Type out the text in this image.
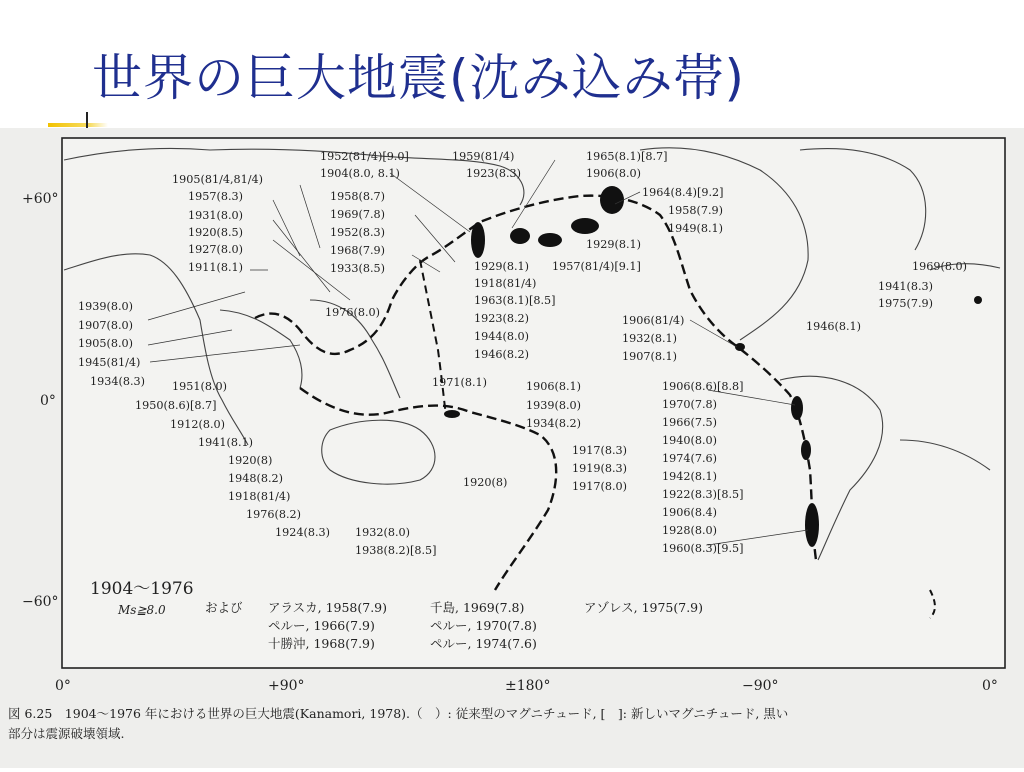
世界の巨大地震(沈み込み帯)
+60°
0°
−60°
0°	+90°	±180°	−90°	0°
1905(81/4,81/4)
1957(8.3)
1931(8.0)
1920(8.5)
1927(8.0)
1911(8.1)
1939(8.0)
1907(8.0)
1905(8.0)
1945(81/4)
1934(8.3) 1951(8.0)
1950(8.6)[8.7]
1912(8.0)
1941(8.1)
1920(8)
1948(8.2)
1918(81/4)
1976(8.2)
1924(8.3) 1932(8.0)
1938(8.2)[8.5]
1952(81/4)[9.0]
1904(8.0, 8.1)
1959(81/4)
1923(8.3)
1958(8.7)
1969(7.8)
1952(8.3)
1968(7.9)
1933(8.5)
1976(8.0)
1929(8.1)
1918(81/4)
1963(8.1)[8.5]
1923(8.2)
1944(8.0)
1946(8.2)
1965(8.1)[8.7]
1906(8.0)
1964(8.4)[9.2]
1958(7.9)
1949(8.1)
1929(8.1)
1957(81/4)[9.1]
1971(8.1)	1906(8.1)
1939(8.0)
1934(8.2)
1917(8.3)
1919(8.3)
1917(8.0)
1920(8)
1906(81/4)
1932(8.1)
1907(8.1)
1946(8.1)
1906(8.6)[8.8]
1970(7.8)
1966(7.5)
1940(8.0)
1974(7.6)
1942(8.1)
1922(8.3)[8.5]
1906(8.4)
1928(8.0)
1960(8.3)[9.5]
1969(8.0)
1941(8.3)
1975(7.9)
1904〜1976
Ms≧8.0	および アラスカ, 1958(7.9)	千島, 1969(7.8)	アゾレス, 1975(7.9)
ペルー, 1966(7.9)	ペルー, 1970(7.8)
十勝沖, 1968(7.9)	ペルー, 1974(7.6)
図 6.25　1904〜1976 年における世界の巨大地震(Kanamori, 1978).（　）: 従来型のマグニチュード, [　]: 新しいマグニチュード, 黒い
部分は震源破壊領域.
